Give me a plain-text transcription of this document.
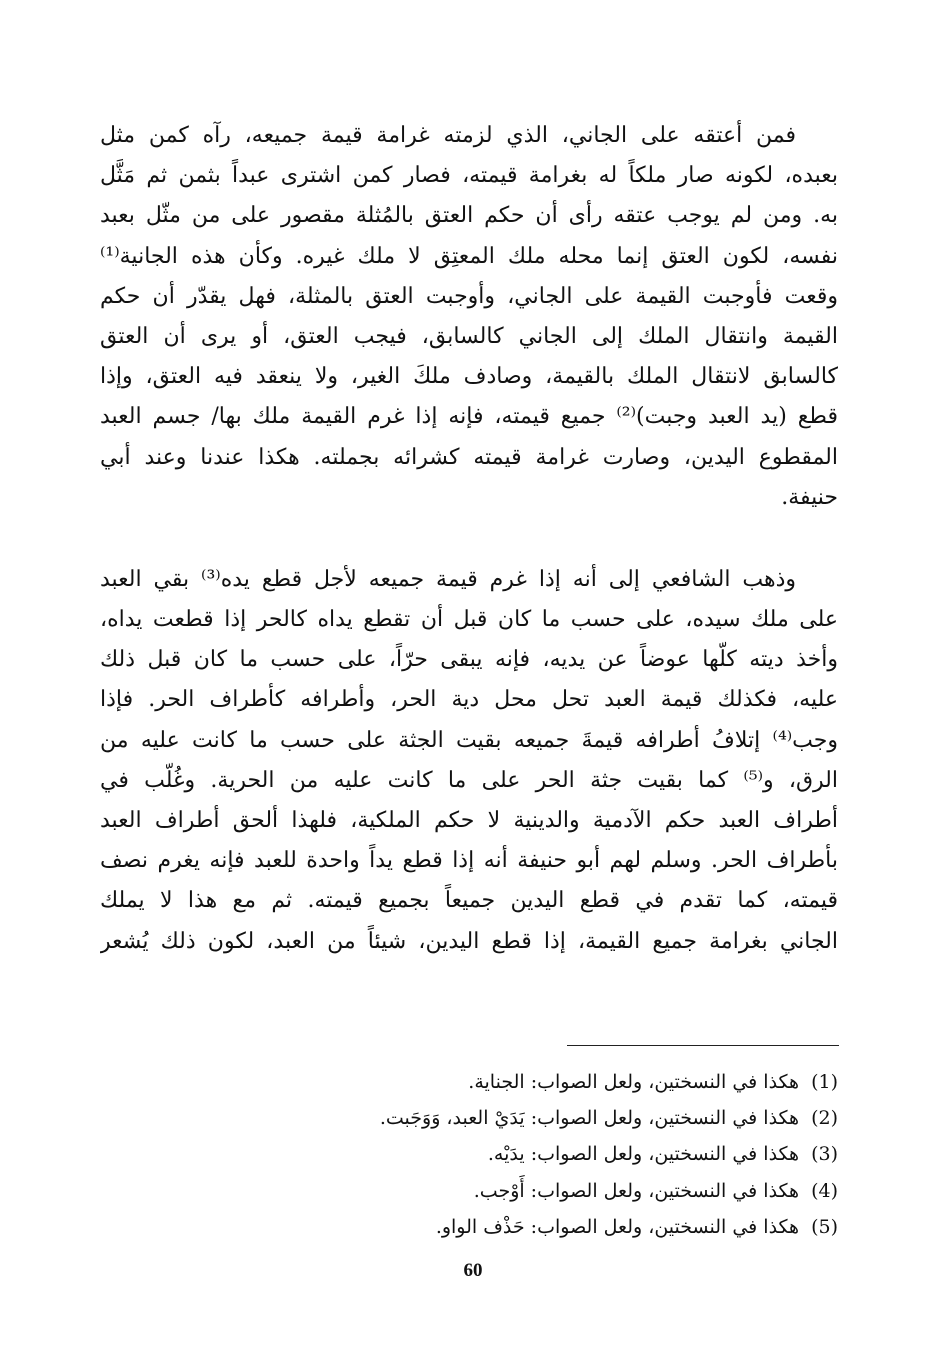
فمن أعتقه على الجاني، الذي لزمته غرامة قيمة جميعه، رآه كمن مثل
بعبده، لكونه صار ملكاً له بغرامة قيمته، فصار كمن اشترى عبداً بثمن ثم مَثَّل
به. ومن لم يوجب عتقه رأى أن حكم العتق بالمُثلة مقصور على من مثّل بعبد
نفسه، لكون العتق إنما محله ملك المعتِق لا ملك غيره. وكأن هذه الجانية⁽¹⁾
وقعت فأوجبت القيمة على الجاني، وأوجبت العتق بالمثلة، فهل يقدّر أن حكم
القيمة وانتقال الملك إلى الجاني كالسابق، فيجب العتق، أو يرى أن العتق
كالسابق لانتقال الملك بالقيمة، وصادف ملكَ الغير، ولا ينعقد فيه العتق، وإذا
قطع (يد العبد وجبت)⁽²⁾ جميع قيمته، فإنه إذا غرم القيمة ملك بها/ جسم العبد
المقطوع اليدين، وصارت غرامة قيمته كشرائه بجملته. هكذا عندنا وعند أبي
حنيفة.
وذهب الشافعي إلى أنه إذا غرم قيمة جميعه لأجل قطع يده⁽³⁾ بقي العبد
على ملك سيده، على حسب ما كان قبل أن تقطع يداه كالحر إذا قطعت يداه،
وأخذ ديته كلّها عوضاً عن يديه، فإنه يبقى حرّاً، على حسب ما كان قبل ذلك
عليه، فكذلك قيمة العبد تحل محل دية الحر، وأطرافه كأطراف الحر. فإذا
وجب⁽⁴⁾ إتلافُ أطرافه قيمةَ جميعه بقيت الجثة على حسب ما كانت عليه من
الرق، و⁽⁵⁾ كما بقيت جثة الحر على ما كانت عليه من الحرية. وغُلّب في
أطراف العبد حكم الآدمية والدينية لا حكم الملكية، فلهذا ألحق أطراف العبد
بأطراف الحر. وسلم لهم أبو حنيفة أنه إذا قطع يداً واحدة للعبد فإنه يغرم نصف
قيمته، كما تقدم في قطع اليدين جميعاً بجميع قيمته. ثم مع هذا لا يملك
الجاني بغرامة جميع القيمة، إذا قطع اليدين، شيئاً من العبد، لكون ذلك يُشعر
(1)هكذا في النسختين، ولعل الصواب: الجناية.
(2)هكذا في النسختين، ولعل الصواب: يَدَيْ العبد، وَوَجَبت.
(3)هكذا في النسختين، ولعل الصواب: يدَيْه.
(4)هكذا في النسختين، ولعل الصواب: أَوْجب.
(5)هكذا في النسختين، ولعل الصواب: حَذْف الواو.
60
